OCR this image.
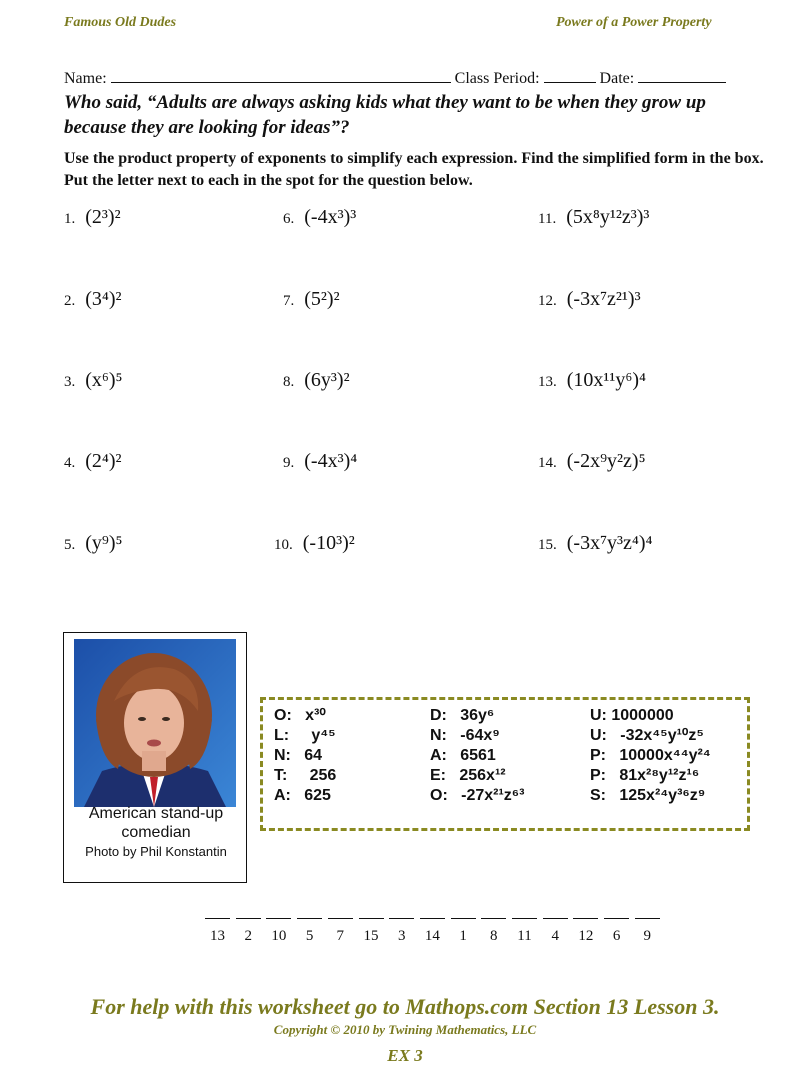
Famous Old Dudes	Power of a Power Property
Name:	Class Period:	Date:
Who said, “Adults are always asking kids what they want to be when they grow up because they are looking for ideas”?
Use the product property of exponents to simplify each expression. Find the simplified form in the box. Put the letter next to each in the spot for the question below.
1. (2³)²
2. (3⁴)²
3. (x⁶)⁵
4. (2⁴)²
5. (y⁹)⁵
6. (-4x³)³
7. (5²)²
8. (6y³)²
9. (-4x³)⁴
10. (-10³)²
11. (5x⁸y¹²z³)³
12. (-3x⁷z²¹)³
13. (10x¹¹y⁶)⁴
14. (-2x⁹y²z)⁵
15. (-3x⁷y³z⁴)⁴
American stand-up
comedian
Photo by Phil Konstantin
O: x³⁰
L: y⁴⁵
N: 64
T: 256
A: 625
D: 36y⁶
N: -64x⁹
A: 6561
E: 256x¹²
O: -27x²¹z⁶³
U: 1000000
U: -32x⁴⁵y¹⁰z⁵
P: 10000x⁴⁴y²⁴
P: 81x²⁸y¹²z¹⁶
S: 125x²⁴y³⁶z⁹
13	2	10	5	7	15	3	14	1	8	11	4	12	6	9
For help with this worksheet go to Mathops.com Section 13 Lesson 3.
Copyright © 2010 by Twining Mathematics, LLC
EX 3
